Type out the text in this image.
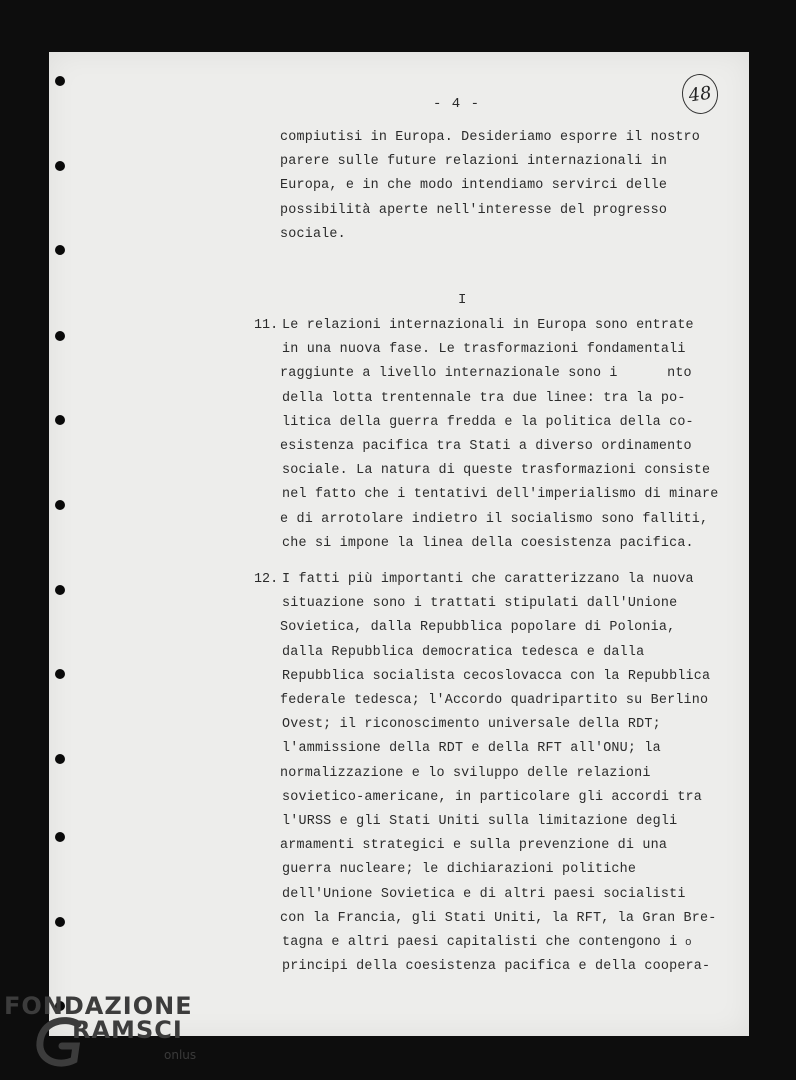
- 4 -	48
compiutisi in Europa. Desideriamo esporre il nostro
parere sulle future relazioni internazionali in
Europa, e in che modo intendiamo servirci delle
possibilità aperte nell'interesse del progresso
sociale.
I
11. Le relazioni internazionali in Europa sono entrate
in una nuova fase. Le trasformazioni fondamentali
raggiunte a livello internazionale sono i      nto
della lotta trentennale tra due linee: tra la po-
litica della guerra fredda e la politica della co-
esistenza pacifica tra Stati a diverso ordinamento
sociale. La natura di queste trasformazioni consiste
nel fatto che i tentativi dell'imperialismo di minare
e di arrotolare indietro il socialismo sono falliti,
che si impone la linea della coesistenza pacifica.
12. I fatti più importanti che caratterizzano la nuova
situazione sono i trattati stipulati dall'Unione
Sovietica, dalla Repubblica popolare di Polonia,
dalla Repubblica democratica tedesca e dalla
Repubblica socialista cecoslovacca con la Repubblica
federale tedesca; l'Accordo quadripartito su Berlino
Ovest; il riconoscimento universale della RDT;
l'ammissione della RDT e della RFT all'ONU; la
normalizzazione e lo sviluppo delle relazioni
sovietico-americane, in particolare gli accordi tra
l'URSS e gli Stati Uniti sulla limitazione degli
armamenti strategici e sulla prevenzione di una
guerra nucleare; le dichiarazioni politiche
dell'Unione Sovietica e di altri paesi socialisti
con la Francia, gli Stati Uniti, la RFT, la Gran Bre-
tagna e altri paesi capitalisti che contengono i
principi della coesistenza pacifica e della coopera-
o
FONDAZIONE
RAMSCI
onlus
